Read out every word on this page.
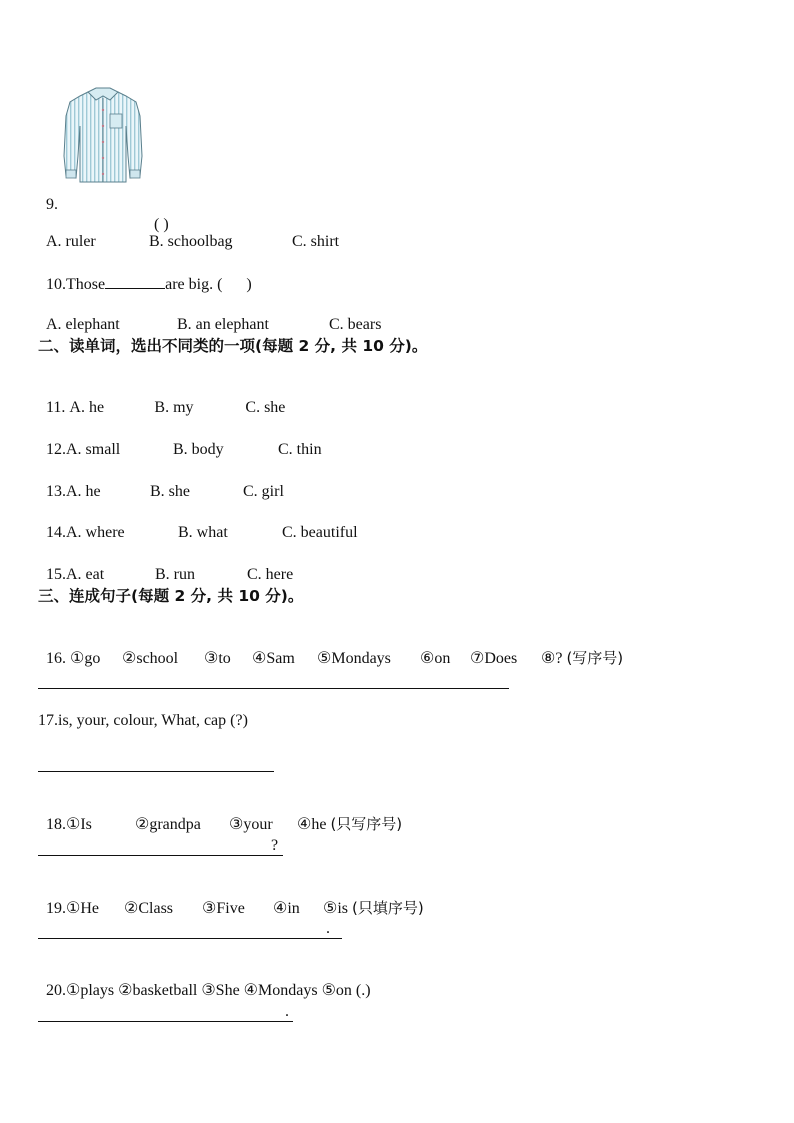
9.

( )

A. ruler	B. schoolbag	C. shirt

10.Those	are big. (      )

A. elephant	B. an elephant	C. bears

二、读单词，选出不同类的一项(每题 2 分, 共 10 分)。

11. A. he	B. my	C. she

12.A. small	B. body	C. thin

13.A. he	B. she	C. girl

14.A. where	B. what	C. beautiful

15.A. eat	B. run	C. here

三、连成句子(每题 2 分, 共 10 分)。

16. ①go ②school ③to ④Sam ⑤Mondays ⑥on ⑦Does ⑧? (写序号)

17.is, your, colour, What, cap (?)

18.①Is	②grandpa ③your ④he (只写序号)

?

19.①He ②Class ③Five ④in ⑤is (只填序号)

.

20.①plays ②basketball ③She ④Mondays ⑤on (.)

.
